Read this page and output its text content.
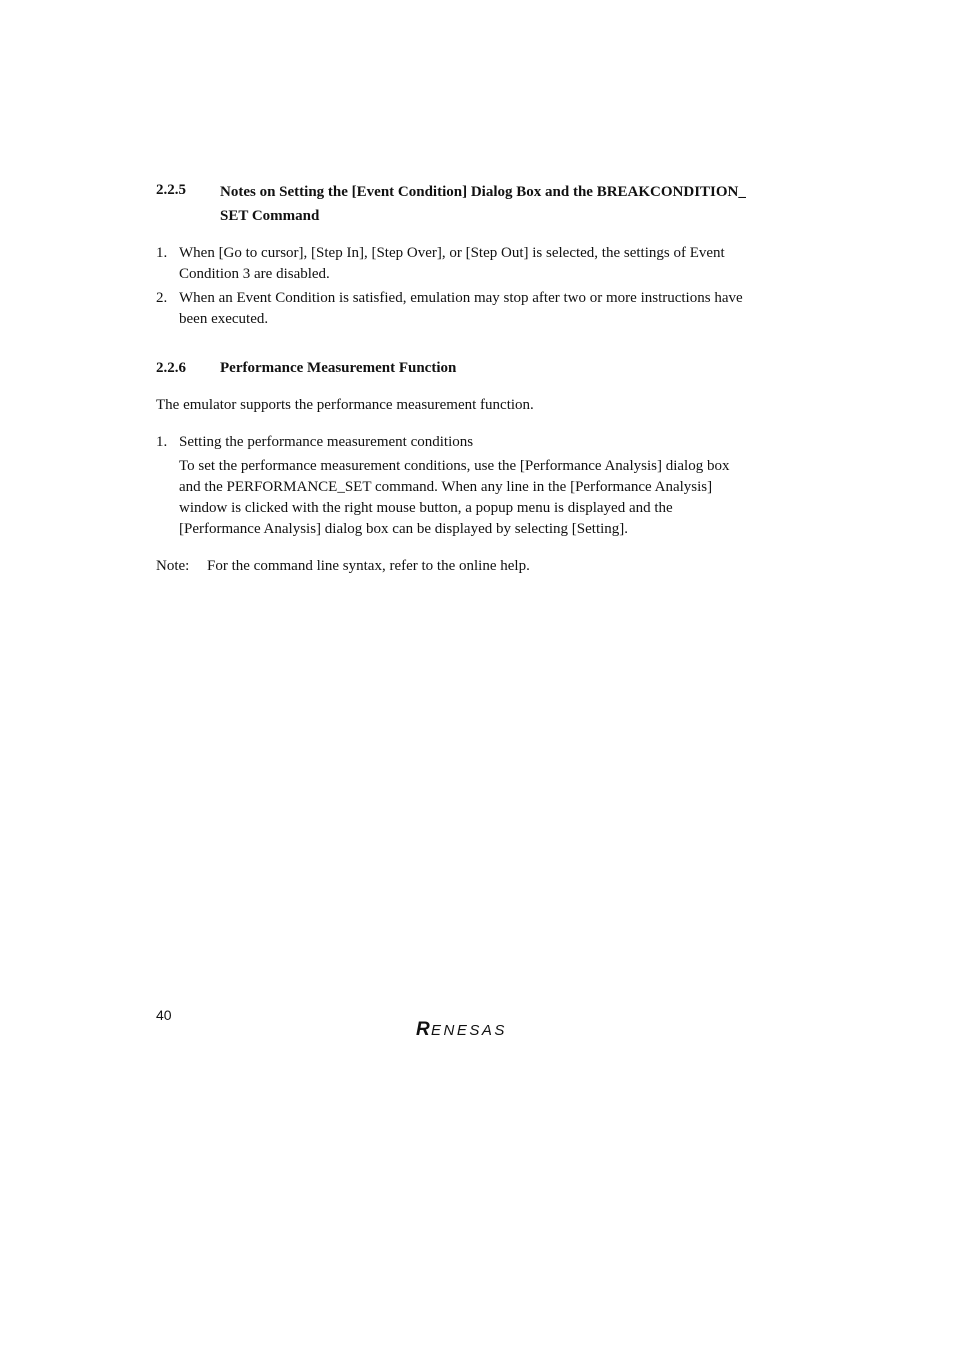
2.2.5 Notes on Setting the [Event Condition] Dialog Box and the BREAKCONDITION_
SET Command
1. When [Go to cursor], [Step In], [Step Over], or [Step Out] is selected, the settings of Event
Condition 3 are disabled.
2. When an Event Condition is satisfied, emulation may stop after two or more instructions have
been executed.
2.2.6 Performance Measurement Function
The emulator supports the performance measurement function.
1. Setting the performance measurement conditions
To set the performance measurement conditions, use the [Performance Analysis] dialog box
and the PERFORMANCE_SET command. When any line in the [Performance Analysis]
window is clicked with the right mouse button, a popup menu is displayed and the
[Performance Analysis] dialog box can be displayed by selecting [Setting].
Note: For the command line syntax, refer to the online help.
40
R ENESAS
